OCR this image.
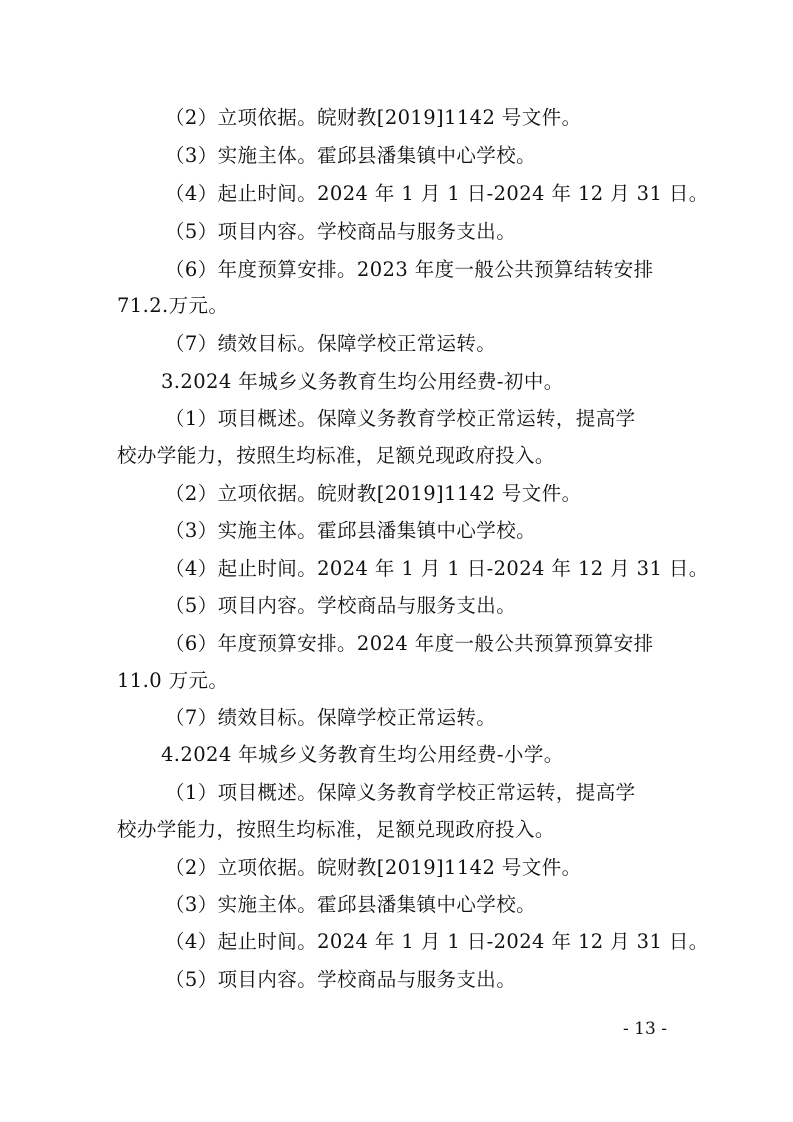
（2）立项依据。皖财教[2019]1142 号文件。
（3）实施主体。霍邱县潘集镇中心学校。
（4）起止时间。2024 年 1 月 1 日-2024 年 12 月 31 日。
（5）项目内容。学校商品与服务支出。
（6）年度预算安排。2023 年度一般公共预算结转安排
71.2.万元。
（7）绩效目标。保障学校正常运转。
3.2024 年城乡义务教育生均公用经费-初中。
（1）项目概述。保障义务教育学校正常运转，提高学
校办学能力，按照生均标准，足额兑现政府投入。
（2）立项依据。皖财教[2019]1142 号文件。
（3）实施主体。霍邱县潘集镇中心学校。
（4）起止时间。2024 年 1 月 1 日-2024 年 12 月 31 日。
（5）项目内容。学校商品与服务支出。
（6）年度预算安排。2024 年度一般公共预算预算安排
11.0 万元。
（7）绩效目标。保障学校正常运转。
4.2024 年城乡义务教育生均公用经费-小学。
（1）项目概述。保障义务教育学校正常运转，提高学
校办学能力，按照生均标准，足额兑现政府投入。
（2）立项依据。皖财教[2019]1142 号文件。
（3）实施主体。霍邱县潘集镇中心学校。
（4）起止时间。2024 年 1 月 1 日-2024 年 12 月 31 日。
（5）项目内容。学校商品与服务支出。
- 13 -
